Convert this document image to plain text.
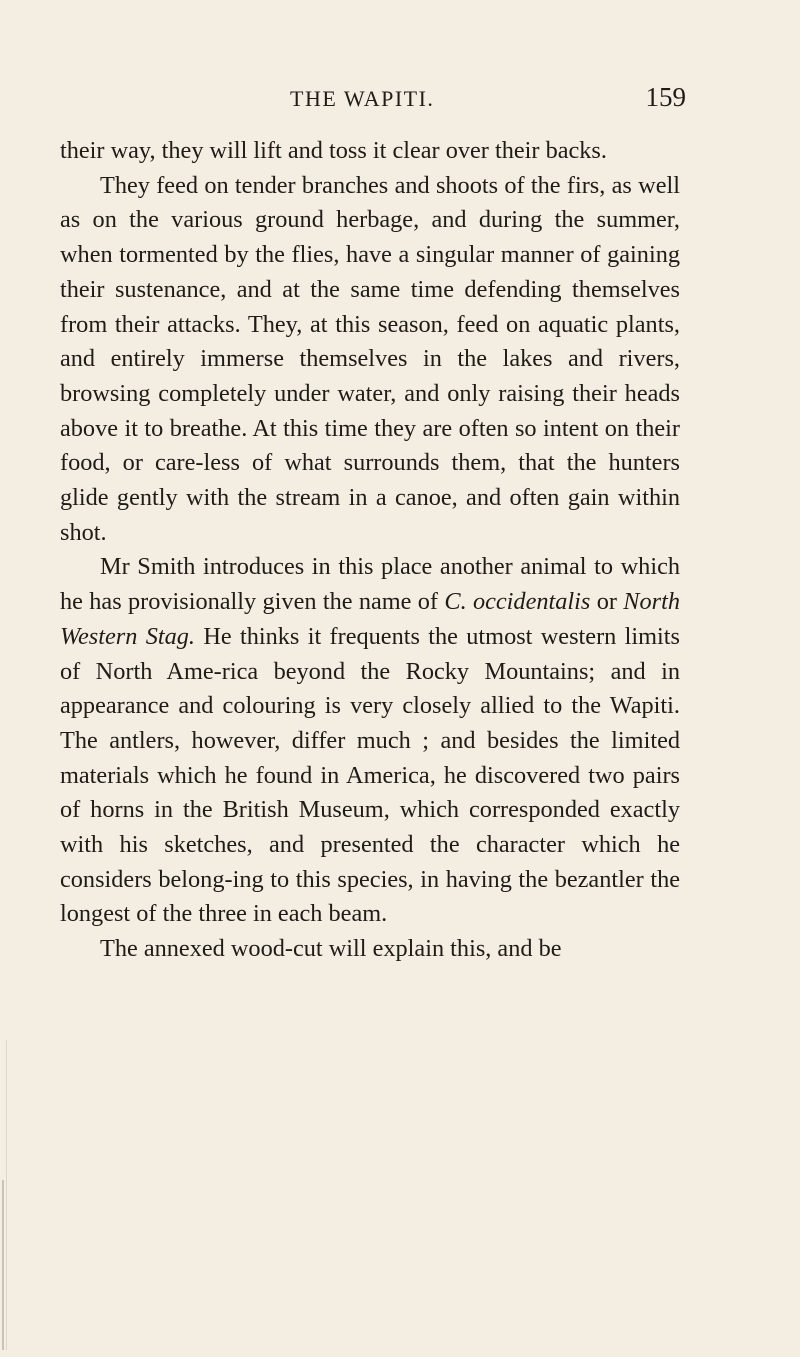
THE WAPITI.	159

their way, they will lift and toss it clear over their backs.

They feed on tender branches and shoots of the firs, as well as on the various ground herbage, and during the summer, when tormented by the flies, have a singular manner of gaining their sustenance, and at the same time defending themselves from their attacks. They, at this season, feed on aquatic plants, and entirely immerse themselves in the lakes and rivers, browsing completely under water, and only raising their heads above it to breathe. At this time they are often so intent on their food, or care-less of what surrounds them, that the hunters glide gently with the stream in a canoe, and often gain within shot.

Mr Smith introduces in this place another animal to which he has provisionally given the name of C. occidentalis or North Western Stag. He thinks it frequents the utmost western limits of North Ame-rica beyond the Rocky Mountains; and in appearance and colouring is very closely allied to the Wapiti. The antlers, however, differ much ; and besides the limited materials which he found in America, he discovered two pairs of horns in the British Museum, which corresponded exactly with his sketches, and presented the character which he considers belong-ing to this species, in having the bezantler the longest of the three in each beam.

The annexed wood-cut will explain this, and be
